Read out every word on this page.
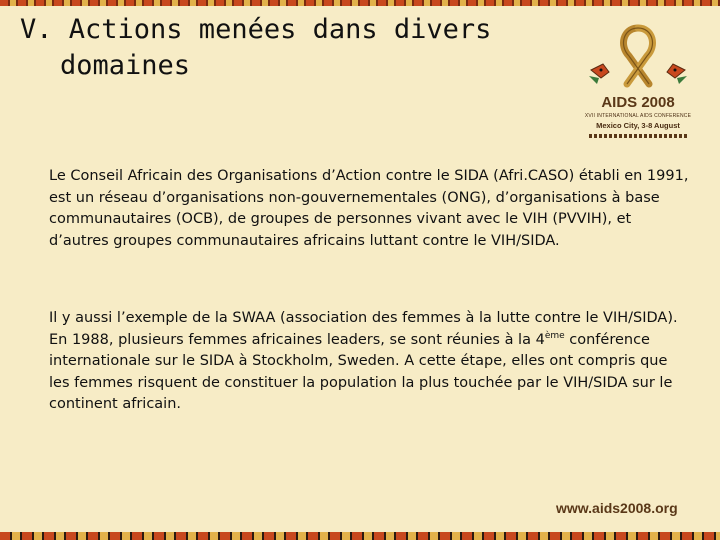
V. Actions menées dans divers
domaines
AIDS 2008
XVII INTERNATIONAL AIDS CONFERENCE
Mexico City, 3-8 August

Le Conseil Africain des Organisations d’Action contre le SIDA (Afri.CASO) établi en 1991, est un réseau d’organisations non-gouvernementales (ONG), d’organisations à base communautaires (OCB), de groupes de personnes vivant avec le VIH (PVVIH), et d’autres groupes communautaires africains luttant contre le VIH/SIDA.

Il y aussi l’exemple de la SWAA (association des femmes à la lutte contre le VIH/SIDA). En 1988, plusieurs femmes africaines leaders, se sont réunies à la 4ème conférence internationale sur le SIDA à Stockholm, Sweden. A cette étape, elles ont compris que les femmes risquent de constituer la population la plus touchée par le VIH/SIDA sur le continent africain.

www.aids2008.org
